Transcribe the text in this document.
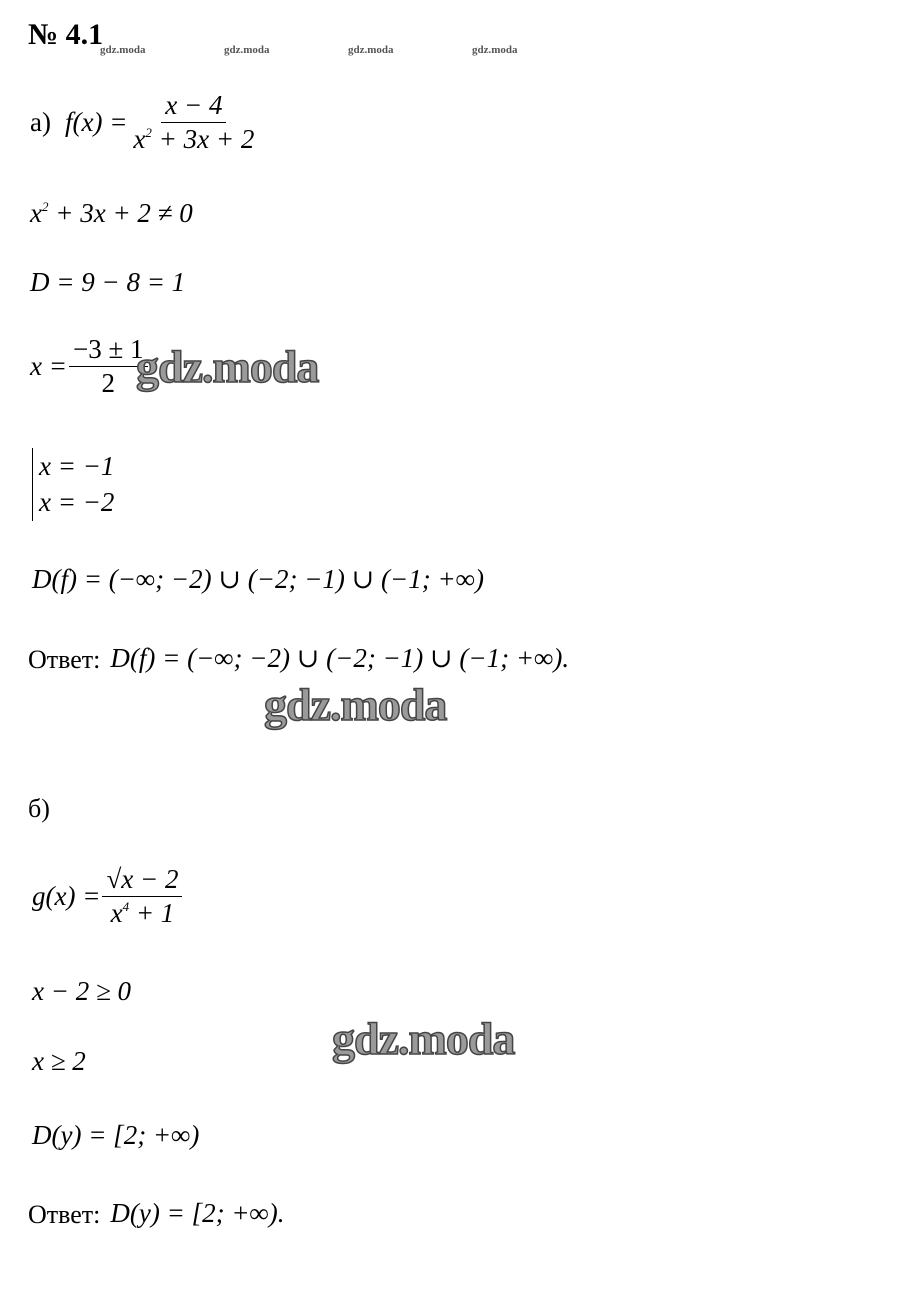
№ 4.1
gdz.moda	gdz.moda	gdz.moda	gdz.moda
а) $f(x) = \frac{x - 4}{x^2 + 3x + 2}$
$x^2 + 3x + 2 \ne 0$
D = 9 − 8 = 1
$x = \frac{-3 \pm 1}{2}$
gdz.moda
x = −1
x = −2
D(f) = (−∞; −2) ∪ (−2; −1) ∪ (−1; +∞)
Ответ: D(f) = (−∞; −2) ∪ (−2; −1) ∪ (−1; +∞).
gdz.moda
б)
$g(x) = \frac{√x - 2}{x^4 + 1}$
x − 2 ≥ 0
x ≥ 2	gdz.moda
D(y) = [2; +∞)
Ответ: D(y) = [2; +∞).
